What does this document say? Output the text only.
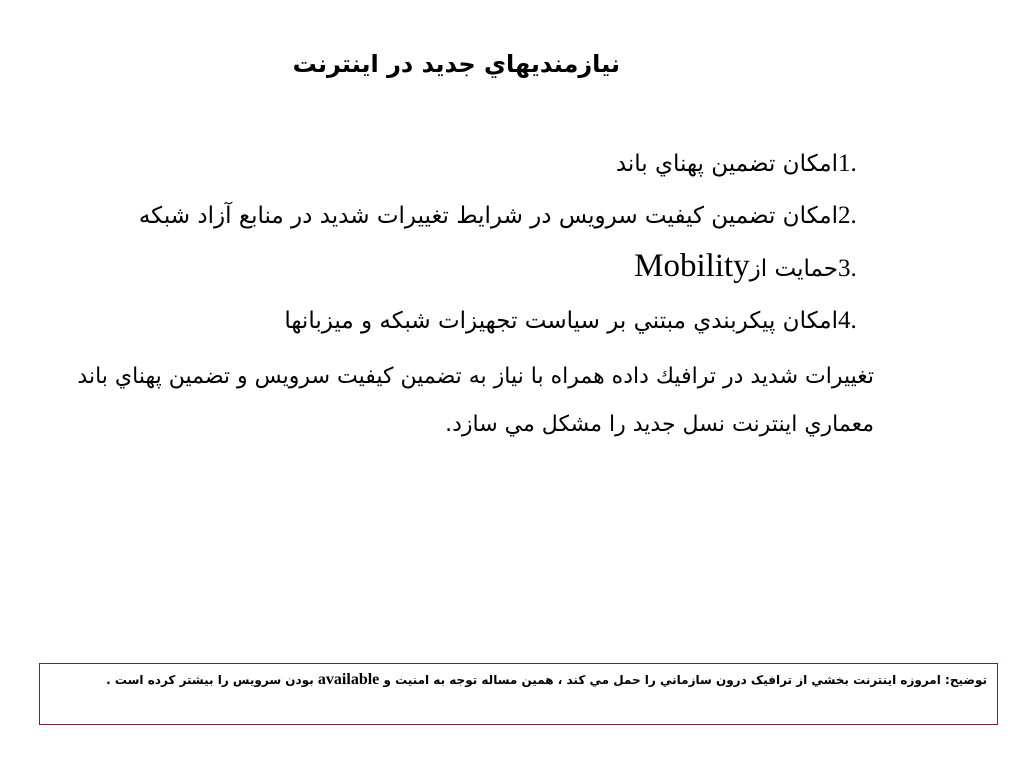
نيازمنديهاي جديد در اينترنت
1.
امکان تضمين پهناي باند
2.
امکان تضمين کيفيت سرويس در شرايط تغييرات شديد در منابع آزاد شبکه
3.
حمايت ازMobility
4.
امکان پيکربندي مبتني بر سياست تجهيزات شبکه و ميزبانها
تغييرات شديد در ترافيك داده همراه با نياز به تضمين كيفيت سرويس و تضمين پهناي باند معماري اينترنت نسل جديد را مشكل مي سازد.
توضيح: امروزه اينترنت بخشي از ترافيک درون سازماني را حمل مي کند ، همين مساله توجه به امنيت و available بودن سرويس را بيشتر کرده است .
